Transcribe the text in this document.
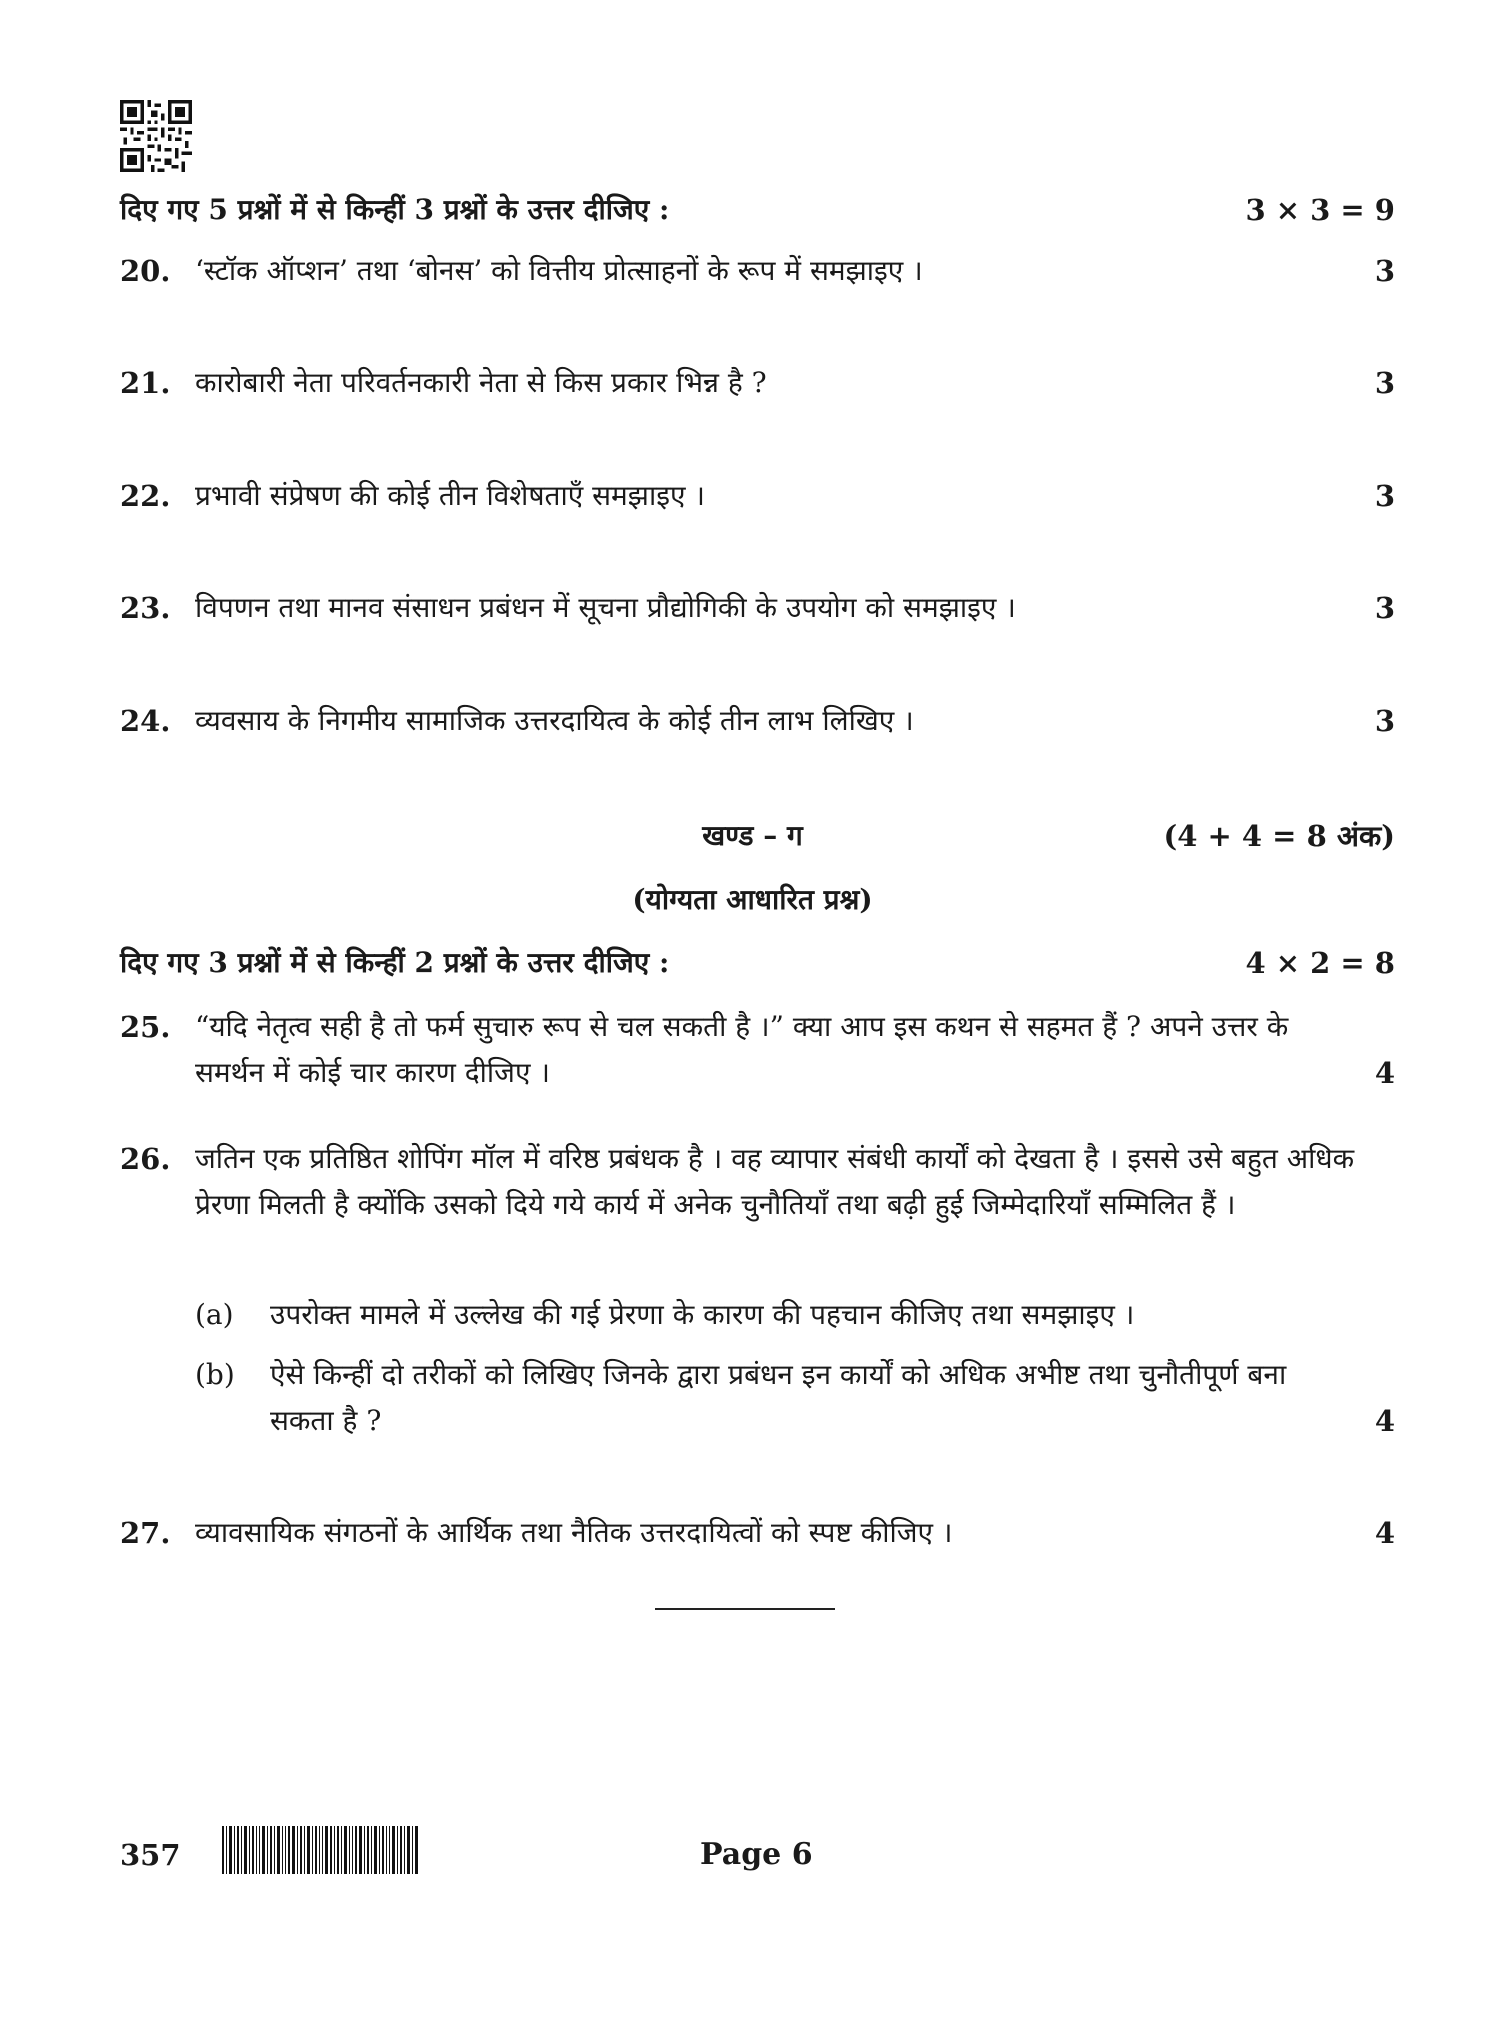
दिए गए 5 प्रश्नों में से किन्हीं 3 प्रश्नों के उत्तर दीजिए :	3 × 3 = 9
20. ‘स्टॉक ऑप्शन’ तथा ‘बोनस’ को वित्तीय प्रोत्साहनों के रूप में समझाइए ।	3
21. कारोबारी नेता परिवर्तनकारी नेता से किस प्रकार भिन्न है ?	3
22. प्रभावी संप्रेषण की कोई तीन विशेषताएँ समझाइए ।	3
23. विपणन तथा मानव संसाधन प्रबंधन में सूचना प्रौद्योगिकी के उपयोग को समझाइए ।	3
24. व्यवसाय के निगमीय सामाजिक उत्तरदायित्व के कोई तीन लाभ लिखिए ।	3
खण्ड – ग	(4 + 4 = 8 अंक)
(योग्यता आधारित प्रश्न)
दिए गए 3 प्रश्नों में से किन्हीं 2 प्रश्नों के उत्तर दीजिए :	4 × 2 = 8
25. “यदि नेतृत्व सही है तो फर्म सुचारु रूप से चल सकती है ।” क्या आप इस कथन से सहमत हैं ? अपने उत्तर के समर्थन में कोई चार कारण दीजिए ।	4
26. जतिन एक प्रतिष्ठित शोपिंग मॉल में वरिष्ठ प्रबंधक है । वह व्यापार संबंधी कार्यों को देखता है । इससे उसे बहुत अधिक प्रेरणा मिलती है क्योंकि उसको दिये गये कार्य में अनेक चुनौतियाँ तथा बढ़ी हुई जिम्मेदारियाँ सम्मिलित हैं ।
(a)	उपरोक्त मामले में उल्लेख की गई प्रेरणा के कारण की पहचान कीजिए तथा समझाइए ।
(b)	ऐसे किन्हीं दो तरीकों को लिखिए जिनके द्वारा प्रबंधन इन कार्यों को अधिक अभीष्ट तथा चुनौतीपूर्ण बना सकता है ?	4
27. व्यावसायिक संगठनों के आर्थिक तथा नैतिक उत्तरदायित्वों को स्पष्ट कीजिए ।	4
357	Page 6
